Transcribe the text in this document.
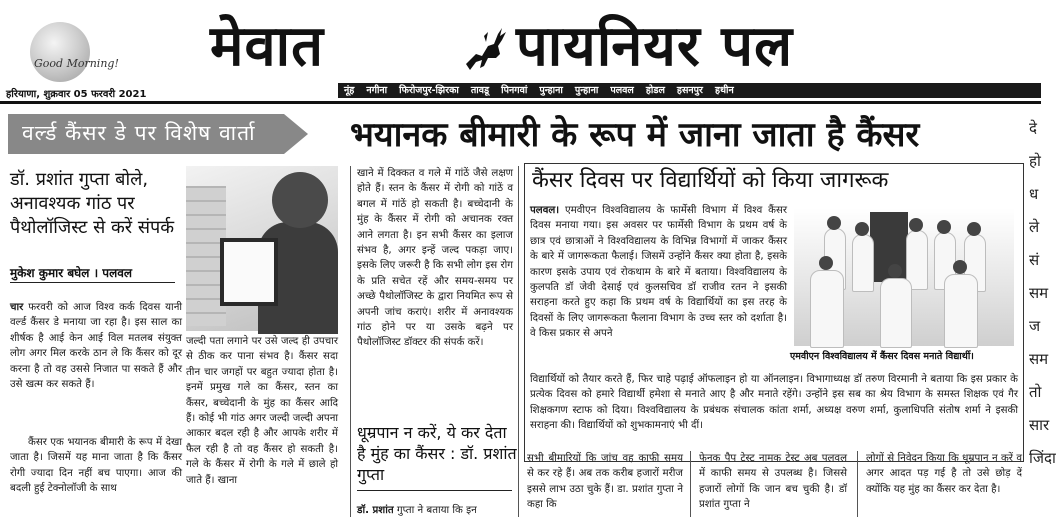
Good Morning! मेवात	पायनियर पल
हरियाणा, शुक्रवार 05 फरवरी 2021	नूंह	नगीना	फिरोजपुर-झिरका	तावडू	पिनगवां	पुन्हाना	पुन्हाना	पलवल	होडल	हसनपुर	हथीन
वर्ल्ड कैंसर डे पर विशेष वार्ता	भयानक बीमारी के रूप में जाना जाता है कैंसर
डॉ. प्रशांत गुप्ता बोले, अनावश्यक गांठ पर पैथोलॉजिस्ट से करें संपर्क
मुकेश कुमार बघेल । पलवल
चार फरवरी को आज विश्व कर्क दिवस यानी वर्ल्ड कैंसर डे मनाया जा रहा है। इस साल का शीर्षक है आई केन आई विल मतलब संयुक्त लोग अगर मिल करके ठान ले कि कैंसर को दूर करना है तो वह उससे निजात पा सकते हैं और उसे खत्म कर सकते हैं।
कैंसर एक भयानक बीमारी के रूप में देखा जाता है। जिसमें यह माना जाता है कि कैंसर रोगी ज्यादा दिन नहीं बच पाएगा। आज की बदली हुई टेक्नोलॉजी के साथ
जल्दी पता लगाने पर उसे जल्द ही उपचार से ठीक कर पाना संभव है। कैंसर सदा तीन चार जगहों पर बहुत ज्यादा होता है। इनमें प्रमुख गले का कैंसर, स्तन का कैंसर, बच्चेदानी के मुंह का कैंसर आदि हैं। कोई भी गांठ अगर जल्दी जल्दी अपना आकार बदल रही है और आपके शरीर में फैल रही है तो वह कैंसर हो सकती है। गले के कैंसर में रोगी के गले में छाले हो जाते हैं। खाना
खाने में दिक्कत व गले में गांठें जैसे लक्षण होते हैं। स्तन के कैंसर में रोगी को गांठें व बगल में गांठें हो सकती है। बच्चेदानी के मुंह के कैंसर में रोगी को अचानक रक्त आने लगता है। इन सभी कैंसर का इलाज संभव है, अगर इन्हें जल्द पकड़ा जाए। इसके लिए जरूरी है कि सभी लोग इस रोग के प्रति सचेत रहें और समय-समय पर अच्छे पैथोलॉजिस्ट के द्वारा नियमित रूप से अपनी जांच कराएं। शरीर में अनावश्यक गांठ होने पर या उसके बढ़ने पर पैथोलॉजिस्ट डॉक्टर की संपर्क करें।
धूम्रपान न करें, ये कर देता है मुंह का कैंसर : डॉ. प्रशांत गुप्ता
डॉ. प्रशांत गुप्ता ने बताया कि इन
कैंसर दिवस पर विद्यार्थियों को किया जागरूक
पलवल। एमवीएन विश्वविद्यालय के फार्मेसी विभाग में विश्व कैंसर दिवस मनाया गया। इस अवसर पर फार्मेसी विभाग के प्रथम वर्ष के छात्र एवं छात्राओं ने विश्वविद्यालय के विभिन्न विभागों में जाकर कैंसर के बारे में जागरूकता फैलाई। जिसमें उन्होंने कैंसर क्या होता है, इसके कारण इसके उपाय एवं रोकथाम के बारे में बताया। विश्वविद्यालय के कुलपति डॉ जेवी देसाई एवं कुलसचिव डॉ राजीव रतन ने इसकी सराहना करते हुए कहा कि प्रथम वर्ष के विद्यार्थियों का इस तरह के दिवसों के लिए जागरूकता फैलाना विभाग के उच्च स्तर को दर्शाता है। वे किस प्रकार से अपने
एमवीएन विश्वविद्यालय में कैंसर दिवस मनाते विद्यार्थी।
विद्यार्थियों को तैयार करते हैं, फिर चाहे पढ़ाई ऑफलाइन हो या ऑनलाइन। विभागाध्यक्ष डॉ तरुण विरमानी ने बताया कि इस प्रकार के प्रत्येक दिवस को हमारे विद्यार्थी हमेशा से मनाते आए है और मनाते रहेंगे। उन्होंने इस सब का श्रेय विभाग के समस्त शिक्षक एवं गैर शिक्षकगण स्टाफ को दिया। विश्वविद्यालय के प्रबंधक संचालक कांता शर्मा, अध्यक्ष वरुण शर्मा, कुलाधिपति संतोष शर्मा ने इसकी सराहना की। विद्यार्थियों को शुभकामनाएं भी दीं।
सभी बीमारियों कि जांच वह काफी समय से कर रहे हैं। अब तक करीब हजारों मरीज इससे लाभ उठा चुके हैं। डा. प्रशांत गुप्ता ने कहा कि
फेनक पैप टेस्ट नामक टेस्ट अब पलवल में काफी समय से उपलब्ध है। जिससे हजारों लोगों कि जान बच चुकी है। डॉ प्रशांत गुप्ता ने
लोगों से निवेदन किया कि धूम्रपान न करें व अगर आदत पड़ गई है तो उसे छोड़ दें क्योंकि यह मुंह का कैंसर कर देता है।
दे
हो
ध
ले
सं
सम
ज
सम
तो
सार
जिंदा
